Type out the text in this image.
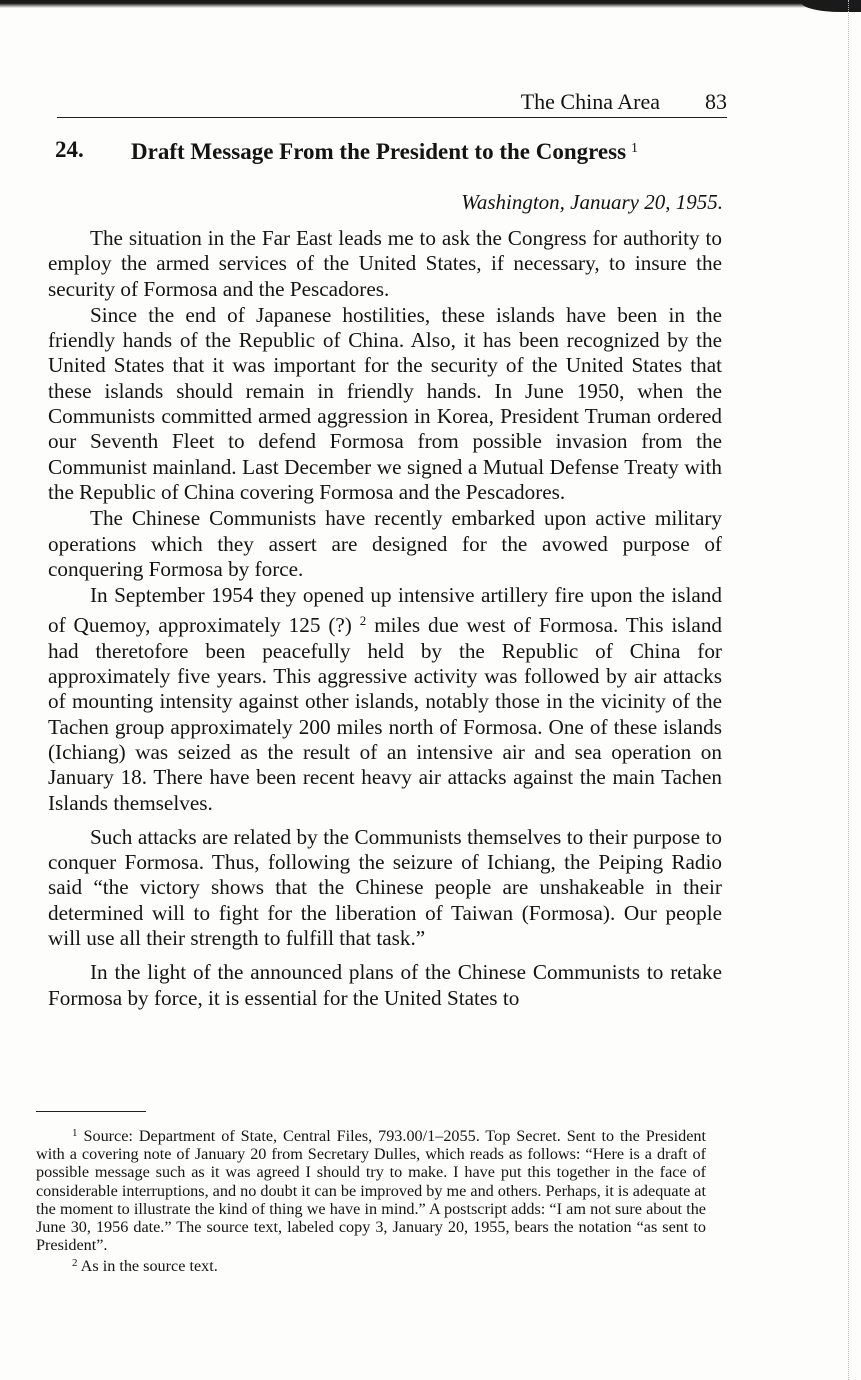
The China Area 83
24. Draft Message From the President to the Congress $^1$
Washington, January 20, 1955.

The situation in the Far East leads me to ask the Congress for authority to employ the armed services of the United States, if necessary, to insure the security of Formosa and the Pescadores.

Since the end of Japanese hostilities, these islands have been in the friendly hands of the Republic of China. Also, it has been recognized by the United States that it was important for the security of the United States that these islands should remain in friendly hands. In June 1950, when the Communists committed armed aggression in Korea, President Truman ordered our Seventh Fleet to defend Formosa from possible invasion from the Communist mainland. Last December we signed a Mutual Defense Treaty with the Republic of China covering Formosa and the Pescadores.

The Chinese Communists have recently embarked upon active military operations which they assert are designed for the avowed purpose of conquering Formosa by force.

In September 1954 they opened up intensive artillery fire upon the island of Quemoy, approximately 125 (?) $^2$ miles due west of Formosa. This island had theretofore been peacefully held by the Republic of China for approximately five years. This aggressive activity was followed by air attacks of mounting intensity against other islands, notably those in the vicinity of the Tachen group approximately 200 miles north of Formosa. One of these islands (Ichiang) was seized as the result of an intensive air and sea operation on January 18. There have been recent heavy air attacks against the main Tachen Islands themselves.

Such attacks are related by the Communists themselves to their purpose to conquer Formosa. Thus, following the seizure of Ichiang, the Peiping Radio said “the victory shows that the Chinese people are unshakeable in their determined will to fight for the liberation of Taiwan (Formosa). Our people will use all their strength to fulfill that task.”

In the light of the announced plans of the Chinese Communists to retake Formosa by force, it is essential for the United States to

$^1$ Source: Department of State, Central Files, 793.00/1–2055. Top Secret. Sent to the President with a covering note of January 20 from Secretary Dulles, which reads as follows: “Here is a draft of possible message such as it was agreed I should try to make. I have put this together in the face of considerable interruptions, and no doubt it can be improved by me and others. Perhaps, it is adequate at the moment to illustrate the kind of thing we have in mind.” A postscript adds: “I am not sure about the June 30, 1956 date.” The source text, labeled copy 3, January 20, 1955, bears the notation “as sent to President”.

$^2$ As in the source text.
